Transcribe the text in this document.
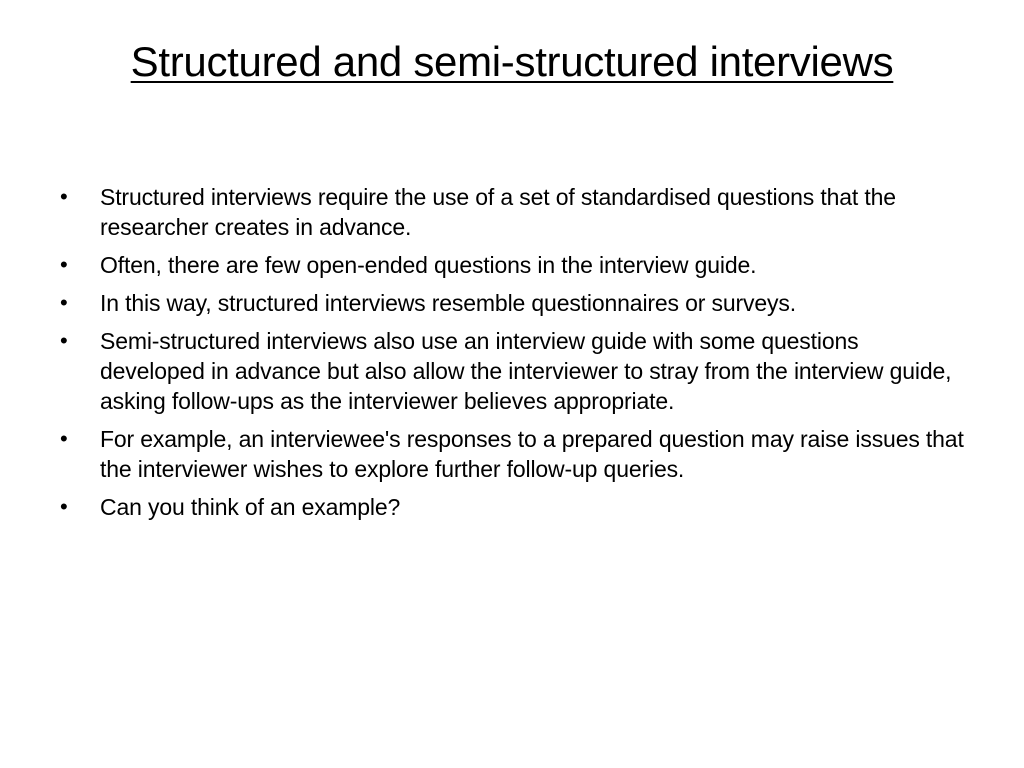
Structured and semi-structured interviews
•	Structured interviews require the use of a set of standardised questions that the researcher creates in advance.
•	Often, there are few open-ended questions in the interview guide.
•	In this way, structured interviews resemble questionnaires or surveys.
•	Semi-structured interviews also use an interview guide with some questions developed in advance but also allow the interviewer to stray from the interview guide, asking follow-ups as the interviewer believes appropriate.
•	For example, an interviewee's responses to a prepared question may raise issues that the interviewer wishes to explore further follow-up queries.
•	Can you think of an example?
